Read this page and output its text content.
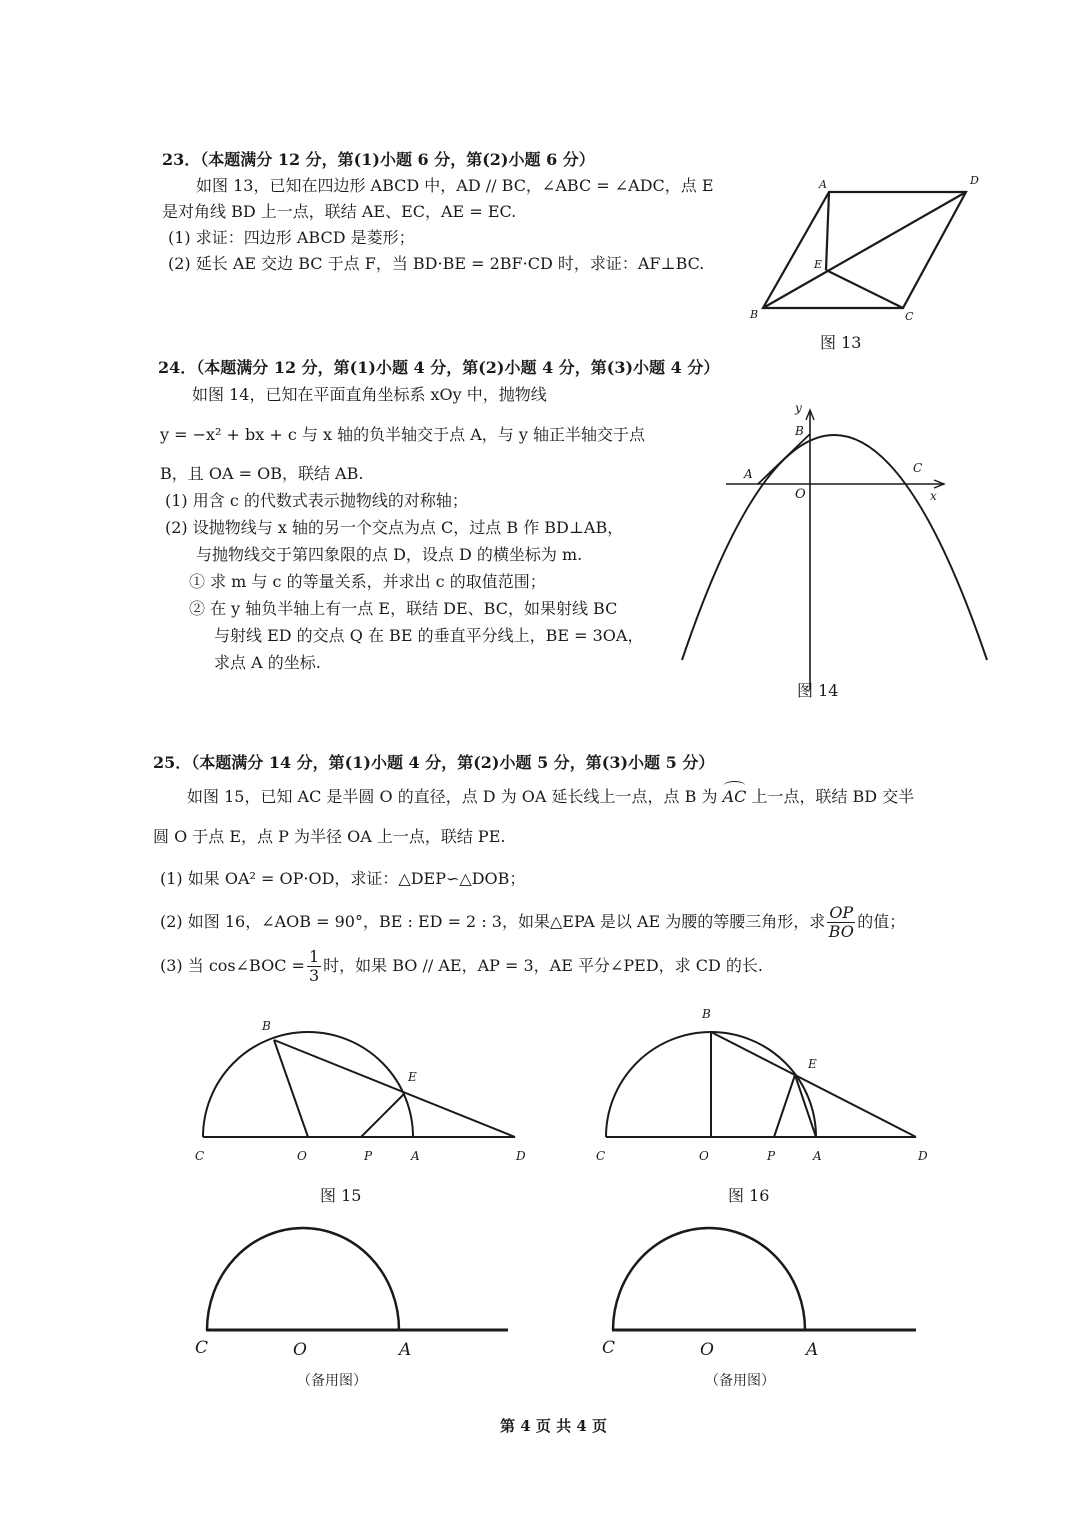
23．（本题满分 12 分，第(1)小题 6 分，第(2)小题 6 分）
如图 13，已知在四边形 ABCD 中，AD // BC，∠ABC = ∠ADC，点 E
是对角线 BD 上一点，联结 AE、EC，AE = EC.
(1) 求证：四边形 ABCD 是菱形；
(2) 延长 AE 交边 BC 于点 F，当 BD·BE = 2BF·CD 时，求证：AF⊥BC.
A	D
E
B	C
图 13
24．（本题满分 12 分，第(1)小题 4 分，第(2)小题 4 分，第(3)小题 4 分）
如图 14，已知在平面直角坐标系 xOy 中，抛物线
y = −x² + bx + c 与 x 轴的负半轴交于点 A，与 y 轴正半轴交于点
B，且 OA = OB，联结 AB.
(1) 用含 c 的代数式表示抛物线的对称轴；
(2) 设抛物线与 x 轴的另一个交点为点 C，过点 B 作 BD⊥AB，
与抛物线交于第四象限的点 D，设点 D 的横坐标为 m.
① 求 m 与 c 的等量关系，并求出 c 的取值范围；
② 在 y 轴负半轴上有一点 E，联结 DE、BC，如果射线 BC
与射线 ED 的交点 Q 在 BE 的垂直平分线上，BE = 3OA，
求点 A 的坐标.
y
B
A	C
O	x
图 14
25．（本题满分 14 分，第(1)小题 4 分，第(2)小题 5 分，第(3)小题 5 分）
如图 15，已知 AC 是半圆 O 的直径，点 D 为 OA 延长线上一点，点 B 为 AC 上一点，联结 BD 交半
圆 O 于点 E，点 P 为半径 OA 上一点，联结 PE.
(1) 如果 OA² = OP·OD，求证：△DEP∽△DOB；
(2) 如图 16，∠AOB = 90°，BE : ED = 2 : 3，如果△EPA 是以 AE 为腰的等腰三角形，求 $\frac{OP}{BO}$ 的值；
(3) 当 cos∠BOC = $\frac{1}{3}$ 时，如果 BO // AE，AP = 3，AE 平分∠PED，求 CD 的长.
B
E
C	O	P	A	D
图 15
B
E
C	O	P	A	D
图 16
C	O	A
（备用图）
C	O	A
（备用图）
第 4 页 共 4 页
